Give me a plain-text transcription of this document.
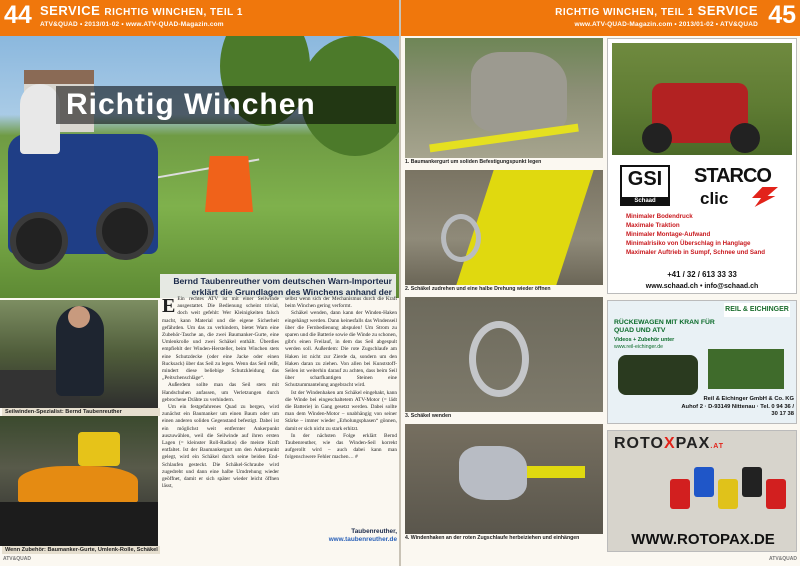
44 SERVICE RICHTIG WINCHEN, TEIL 1
ATV&QUAD • 2013/01-02 • www.ATV-QUAD-Magazin.com
Richtig Winchen

Bernd Taubenreuther vom deutschen Warn-Importeur erklärt die Grundlagen des Winchens anhand der

Seilwinden-Spezialist: Bernd Taubenreuther
Wenn Zubehör: Baumanker-Gurte, Umlenk-Rolle, Schäkel

E Ein rechtes ATV ist mit einer Seilwinde ausgestattet. Die Bedienung scheint trivial, doch weit gefehlt: Wer Kleinigkeiten falsch macht, kann Material und die eigene Sicherheit gefährden. Um das zu verhindern, bietet Warn eine Zubehör-Tasche an, die zwei Baumanker-Gurte, eine Umlenkrolle und zwei Schäkel enthält. Überdies empfiehlt der Winden-Hersteller, beim Winchen stets eine Schutzdecke (oder eine Jacke oder einen Rucksack) über das Seil zu legen. Wenn das Seil reißt, mindert diese beliebige Schutzkleidung das „Peitschenschläge“.

Außerdem sollte man das Seil stets mit Handschuhen anfassen, um Verletzungen durch gebrochene Drähte zu verhindern.

Um ein festgefahrenes Quad zu bergen, wird zunächst ein Baumanker um einen Baum oder um einen anderen soliden Gegenstand befestigt. Dabei ist ein möglichst weit entfernter Ankerpunkt auszuwählen, weil die Seilwinde auf ihren ersten Lagen (= kleinster Roll-Radius) die meiste Kraft entfaltet. Ist der Baumankergurt um den Ankerpunkt gelegt, wird ein Schäkel durch seine beiden End-Schlaufen gesteckt. Die Schäkel-Schraube wird zugedreht und dann eine halbe Umdrehung wieder geöffnet, damit er sich später wieder leicht öffnen lässt,

selbst wenn sich der Mechanismus durch die Kraft beim Winchen gering verformt.

Schäkel wenden, dann kann der Winden-Haken eingehängt werden. Dann keinesfalls das Windenseil über die Fernbedienung abspulen! Um Strom zu sparen und die Batterie sowie die Winde zu schonen, gibt's einen Freilauf, in dem das Seil abgespult werden soll. Außerdem: Die rote Zugschlaufe am Haken ist nicht zur Zierde da, sondern um den Haken daran zu ziehen. Von allen bei Kunststoff-Seilen ist weiterhin darauf zu achten, dass beim Seil über scharfkantigen Steinen eine Schutzummantelung angebracht wird.

Ist der Windenhaken am Schäkel eingehakt, kann die Winde bei eingeschaltetem ATV-Motor (= lädt die Batterie) in Gang gesetzt werden. Dabei sollte man dem Winden-Motor – unabhängig von seiner Stärke – immer wieder „Erholungsphasen“ gönnen, damit er sich nicht zu stark erhitzt.

In der nächsten Folge erklärt Bernd Taubenreuther, wie das Winden-Seil korrekt aufgerollt wird – auch dabei kann man folgenschwere Fehler machen… #

Taubenreuther,
www.taubenreuther.de
ATV&QUAD
45
RICHTIG WINCHEN, TEIL 1 SERVICE
www.ATV-QUAD-Magazin.com • 2013/01-02 • ATV&QUAD
1. Baumankergurt um soliden Befestigungspunkt legen
2. Schäkel zudrehen und eine halbe Drehung wieder öffnen
3. Schäkel wenden
4. Windenhaken an der roten Zugschlaufe herbeiziehen und einhängen
GSI
Schaad
STARCO
clic
Minimaler Bodendruck
Maximale Traktion
Minimaler Montage-Aufwand
Minimalrisiko von Überschlag in Hanglage
Maximaler Auftrieb in Sumpf, Schnee und Sand
+41 / 32 / 613 33 33
www.schaad.ch • info@schaad.ch
REIL & EICHINGER
RÜCKEWAGEN MIT KRAN FÜR QUAD UND ATV
Videos + Zubehör unter
www.reil-eichinger.de
Reil & Eichinger GmbH & Co. KG
Auhof 2 · D-93149 Nittenau · Tel. 0 94 36 / 30 17 38
ROTOXPAX.AT
WWW.ROTOPAX.DE
ATV&QUAD
